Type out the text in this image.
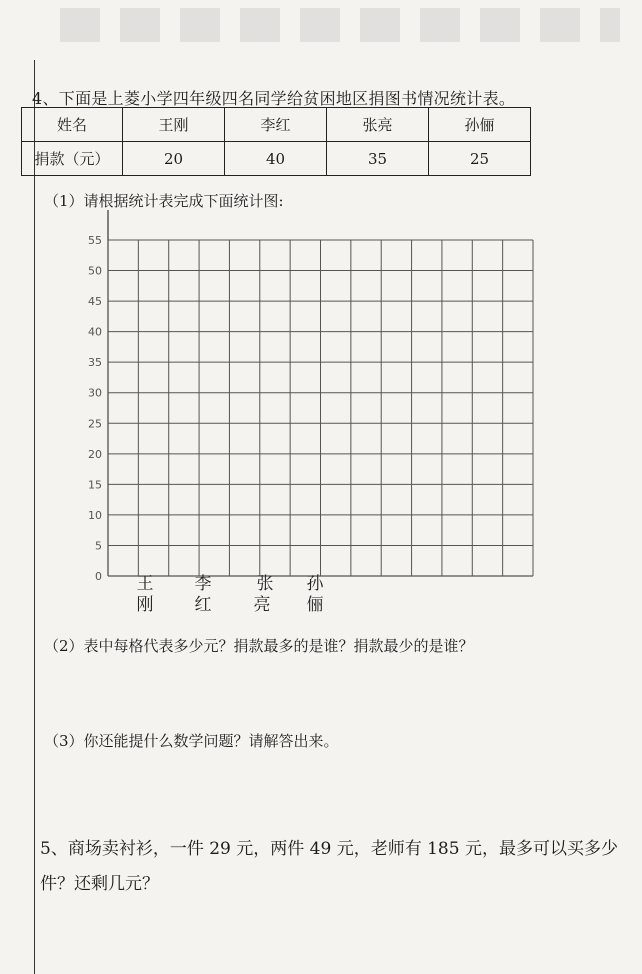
4、下面是上菱小学四年级四名同学给贫困地区捐图书情况统计表。
姓名	王刚	李红	张亮	孙俪
捐款（元）	20	40	35	25
（1）请根据统计表完成下面统计图:
0
5
10
15
20
25
30
35
40
45
50
55
王
刚
李
红
张
亮
孙
俪
（2）表中每格代表多少元？捐款最多的是谁？捐款最少的是谁？
（3）你还能提什么数学问题？请解答出来。
5、商场卖衬衫，一件 29 元，两件 49 元，老师有 185 元，最多可以买多少件？还剩几元？
